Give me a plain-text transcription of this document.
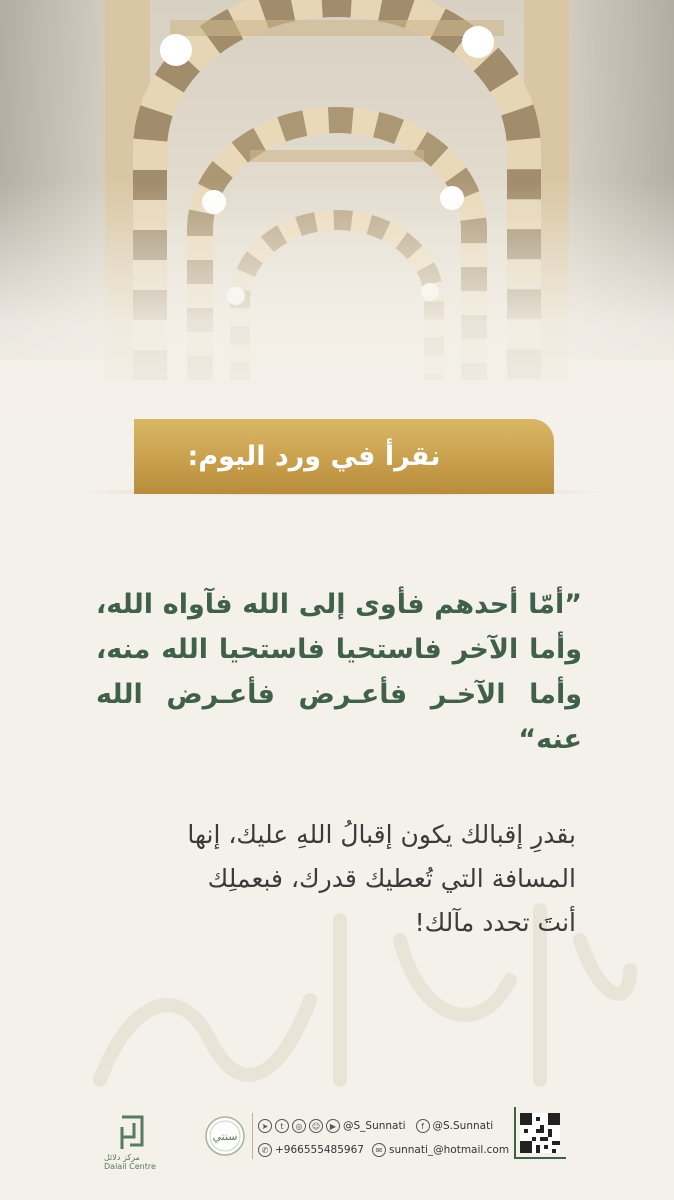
نقرأ في ورد اليوم:
”أمّا أحدهم فأوى إلى الله فآواه الله، وأما الآخر فاستحيا فاستحيا الله منه، وأما الآخـر فأعـرض فأعـرض الله عنه“
بقدرِ إقبالك يكون إقبالُ اللهِ عليك، إنها
المسافة التي تُعطيك قدرك، فبعملِك
أنتَ تحدد مآلك!
➤	t	◎	☺	▶ @S_Sunnati	f @S.Sunnati
✆ +966555485967	✉ sunnati_@hotmail.com
سنتي
مركز دلائل
Dalail Centre
